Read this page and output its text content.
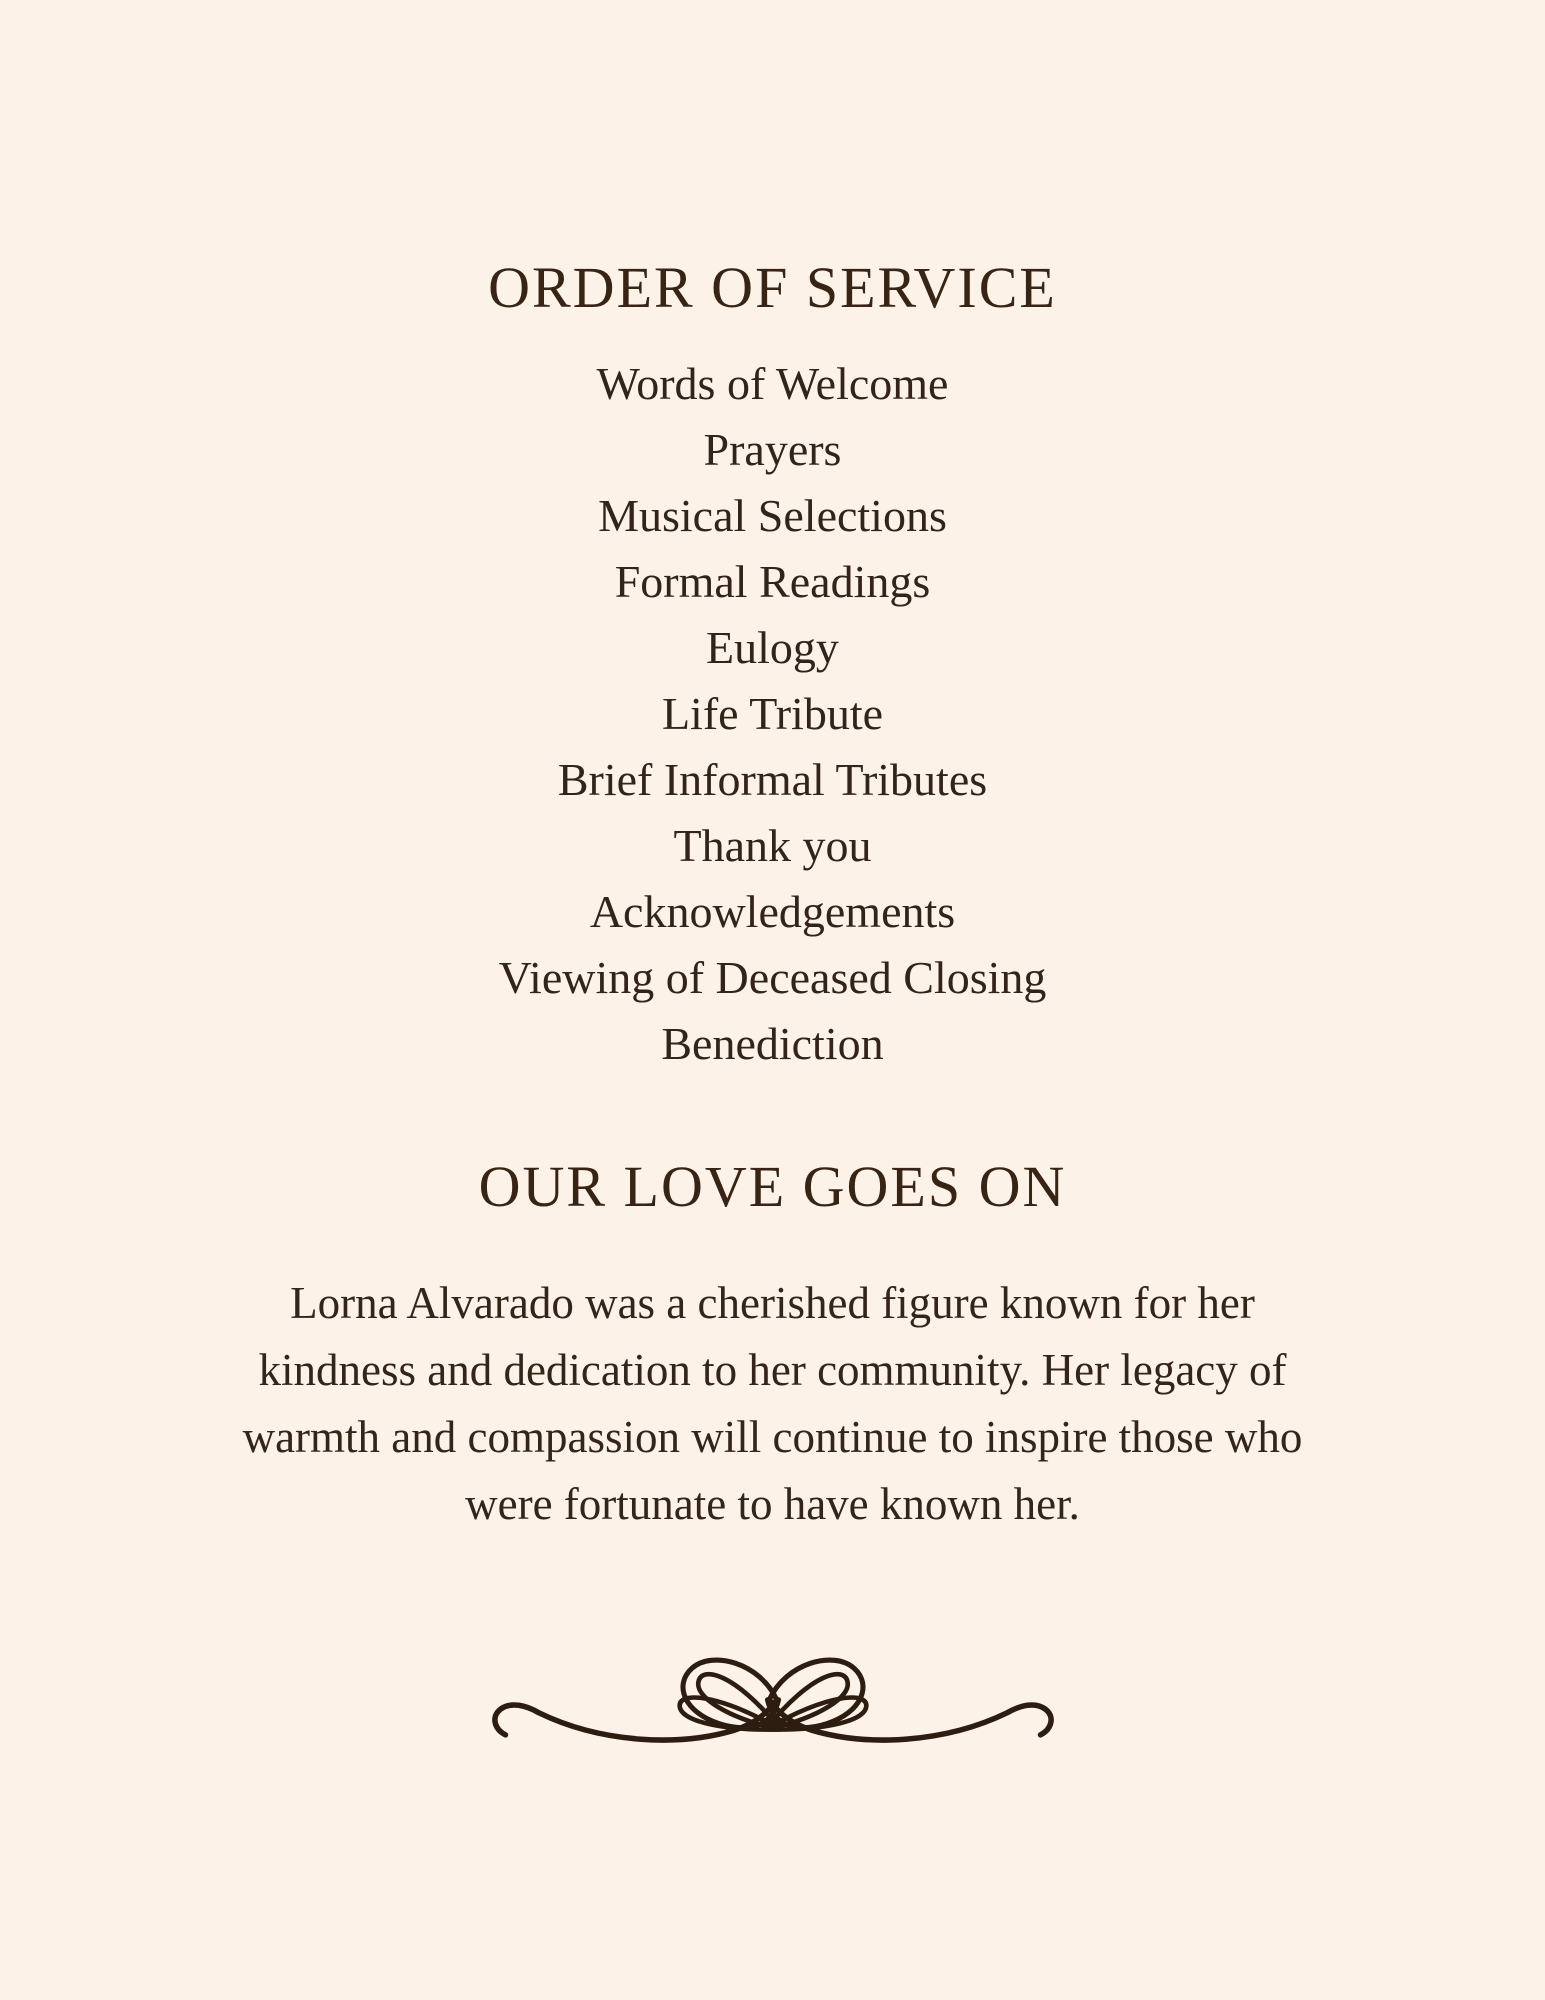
ORDER OF SERVICE
Words of Welcome
Prayers
Musical Selections
Formal Readings
Eulogy
Life Tribute
Brief Informal Tributes
Thank you
Acknowledgements
Viewing of Deceased Closing
Benediction
OUR LOVE GOES ON

Lorna Alvarado was a cherished figure known for her kindness and dedication to her community. Her legacy of warmth and compassion will continue to inspire those who were fortunate to have known her.
